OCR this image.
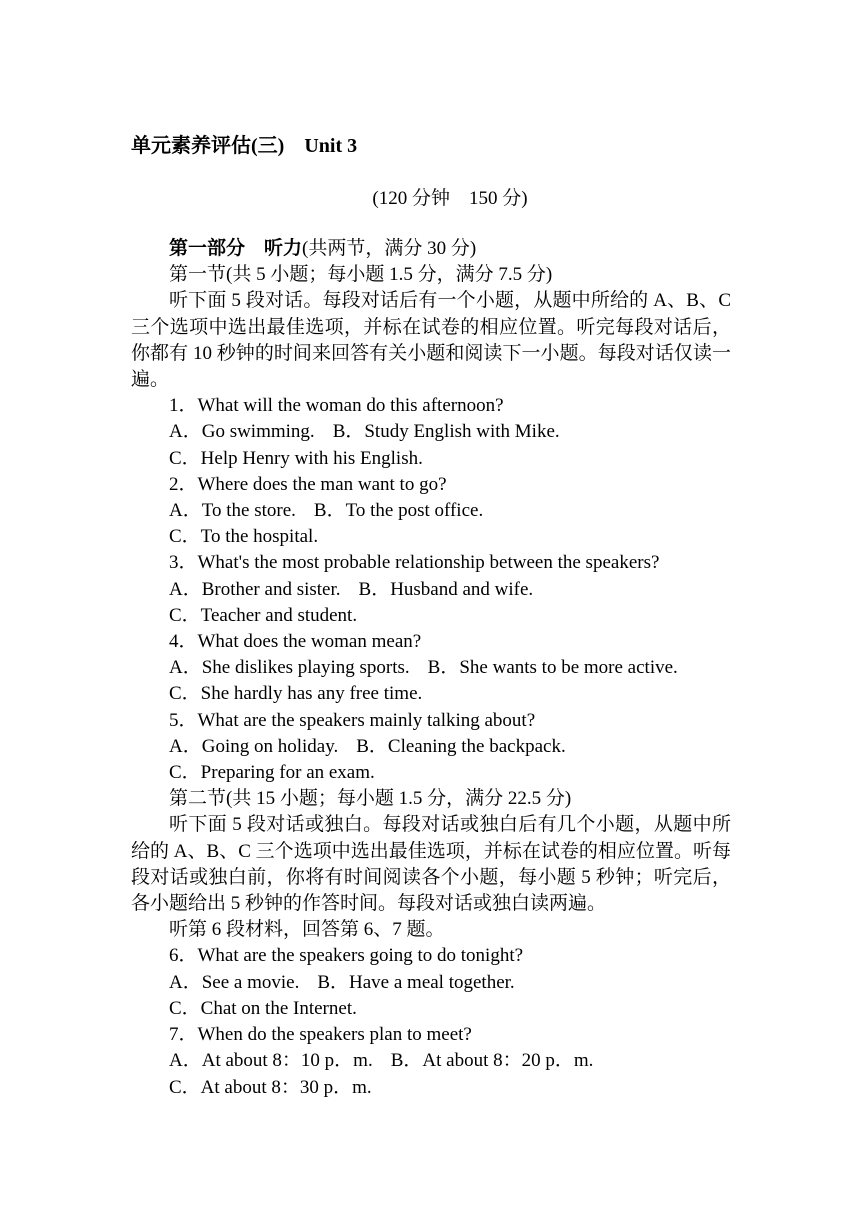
单元素养评估(三)　Unit 3
(120 分钟　150 分)

第一部分　听力(共两节，满分 30 分)

第一节(共 5 小题；每小题 1.5 分，满分 7.5 分)

听下面 5 段对话。每段对话后有一个小题，从题中所给的 A、B、C 三个选项中选出最佳选项，并标在试卷的相应位置。听完每段对话后，你都有 10 秒钟的时间来回答有关小题和阅读下一小题。每段对话仅读一遍。

1．What will the woman do this afternoon?

A．Go swimming. B．Study English with Mike.

C．Help Henry with his English.

2．Where does the man want to go?

A．To the store. B．To the post office.

C．To the hospital.

3．What's the most probable relationship between the speakers?

A．Brother and sister. B．Husband and wife.

C．Teacher and student.

4．What does the woman mean?

A．She dislikes playing sports. B．She wants to be more active.

C．She hardly has any free time.

5．What are the speakers mainly talking about?

A．Going on holiday. B．Cleaning the backpack.

C．Preparing for an exam.

第二节(共 15 小题；每小题 1.5 分，满分 22.5 分)

听下面 5 段对话或独白。每段对话或独白后有几个小题，从题中所给的 A、B、C 三个选项中选出最佳选项，并标在试卷的相应位置。听每段对话或独白前，你将有时间阅读各个小题，每小题 5 秒钟；听完后，各小题给出 5 秒钟的作答时间。每段对话或独白读两遍。

听第 6 段材料，回答第 6、7 题。

6．What are the speakers going to do tonight?

A．See a movie. B．Have a meal together.

C．Chat on the Internet.

7．When do the speakers plan to meet?

A．At about 8：10 p．m. B．At about 8：20 p．m.

C．At about 8：30 p．m.
